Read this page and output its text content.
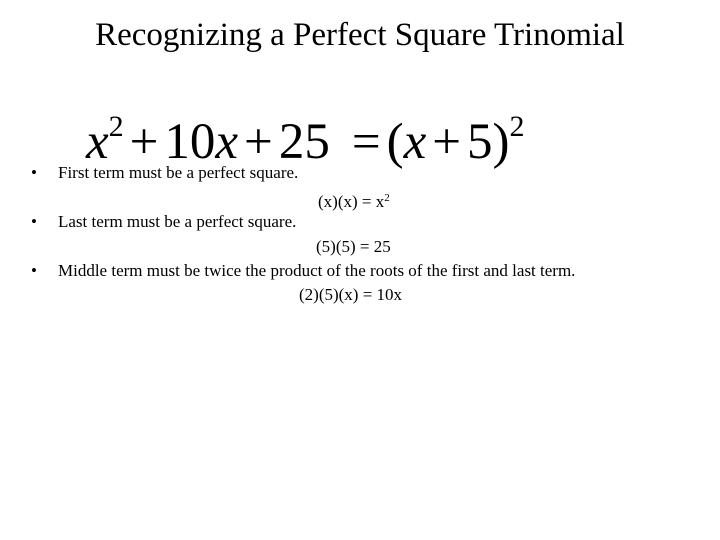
Recognizing a Perfect Square Trinomial
$x^2 + 10x + 25 = (x + 5)^2$
• First term must be a perfect square.
$(x)(x) = x^2$
• Last term must be a perfect square.
(5)(5) = 25
• Middle term must be twice the product of the roots of the first and last term.
(2)(5)(x) = 10x
